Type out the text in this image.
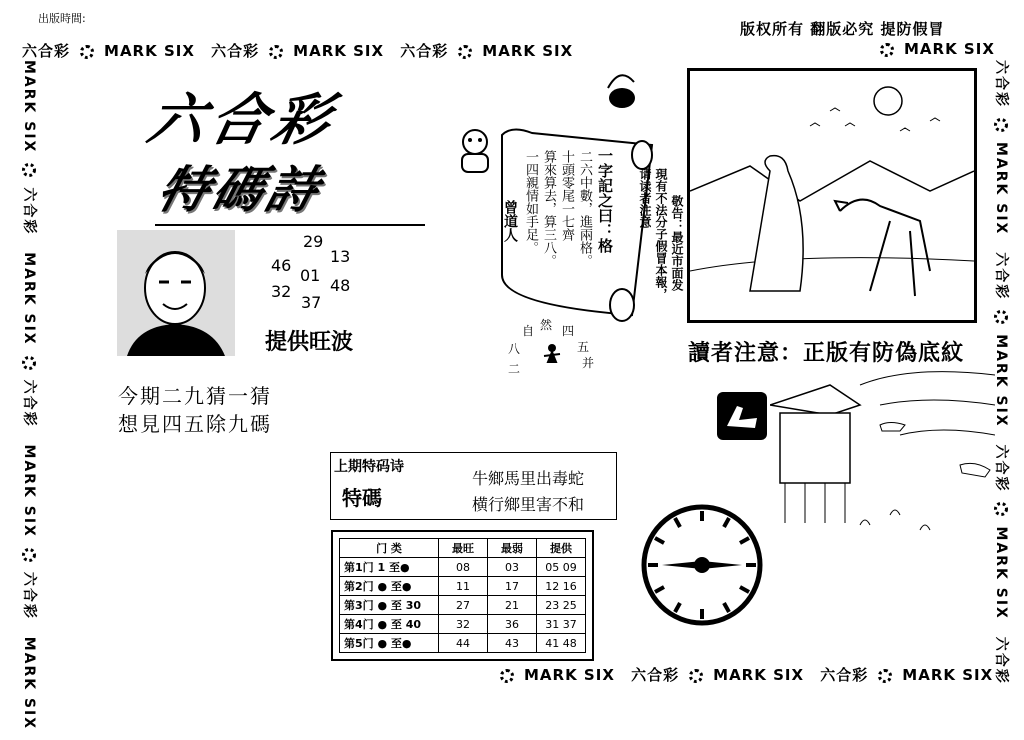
出版時間:
版权所有 翻版必究 提防假冒
六合彩 MARK SIX 六合彩 MARK SIX 六合彩 MARK SIX	MARK SIX
MARK SIX 六合彩 MARK SIX 六合彩 MARK SIX
MARK SIX六合彩 MARK SIX六合彩 MARK SIX六合彩 MARK SIX
六合彩MARK SIX 六合彩MARK SIX 六合彩MARK SIX 六合彩
六合彩
特碼詩
29
13
46
01
48
32
37
提供旺波
今期二九猜一猜
想見四五除九碼
一字記之曰：格
二六中數，進兩格。
十頭零尾一七齊
算來算去，算三八。
一四親情如手足。
曾道人	敬告：最近市面发
現有不法分子假冒本報，
请读者注意
自 然 四
五
并
八
二
讀者注意：正版有防偽底紋
上期特码诗
特碼
牛鄉馬里出毒蛇
横行鄉里害不和
门 类	最旺	最弱	提供
第1门 1 至●	08	03	05 09
第2门 ● 至●	11	17	12 16
第3门 ● 至 30	27	21	23 25
第4门 ● 至 40	32	36	31 37
第5门 ● 至●	44	43	41 48
